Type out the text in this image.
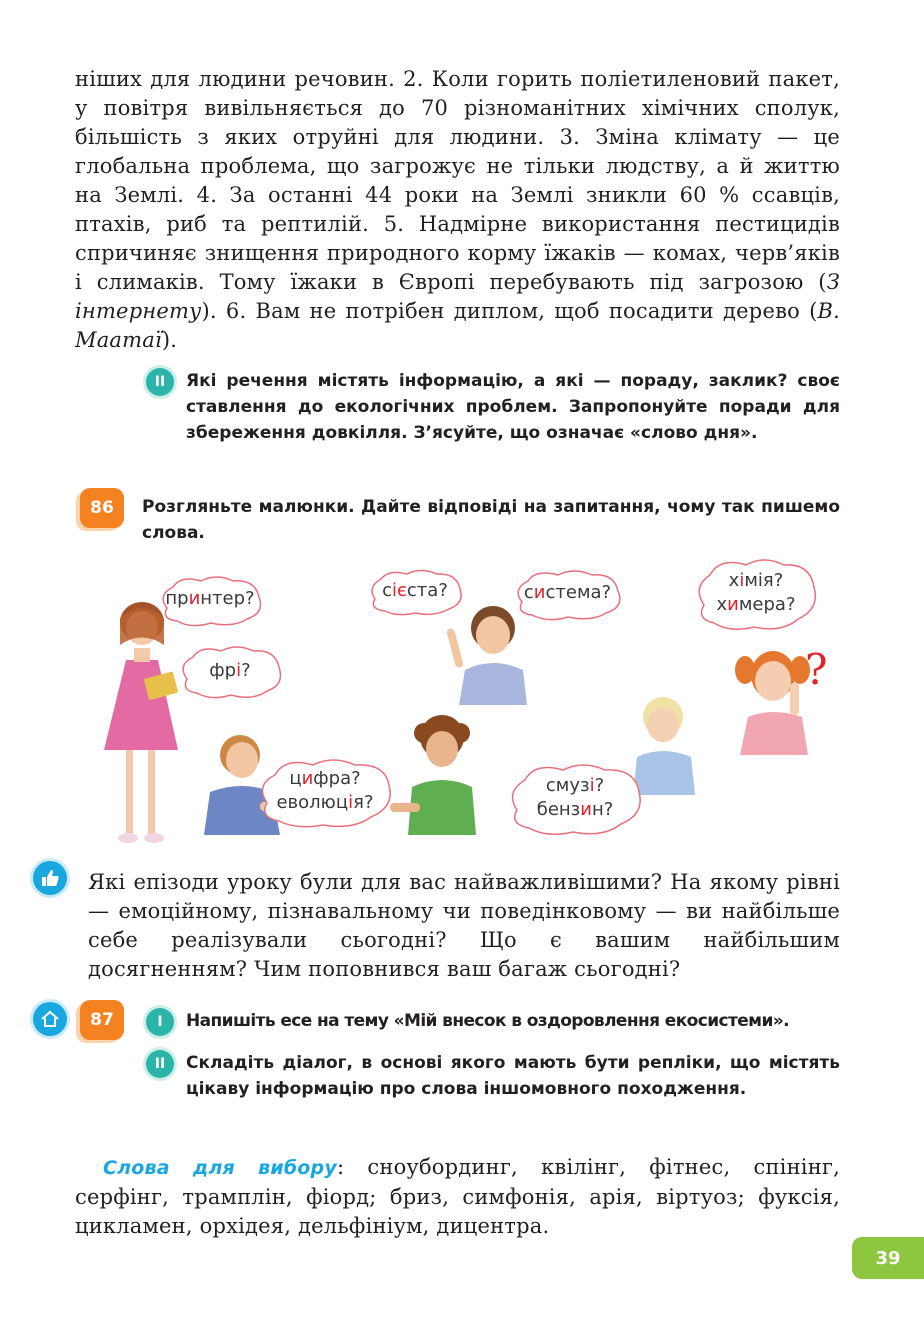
ніших для людини речовин. 2. Коли горить поліетиленовий пакет, у повітря вивільняється до 70 різноманітних хімічних сполук, більшість з яких отруйні для людини. 3. Зміна клімату — це глобальна проблема, що загрожує не тільки людству, а й життю на Землі. 4. За останні 44 роки на Землі зникли 60 % ссавців, птахів, риб та рептилій. 5. Надмірне використання пестицидів спричиняє знищення природного корму їжаків — комах, черв’яків і слимаків. Тому їжаки в Європі перебувають під загрозою (З інтернету). 6. Вам не потрібен диплом, щоб посадити дерево (В. Маатаї).

II Які речення містять інформацію, а які — пораду, заклик? своє ставлення до екологічних проблем. Запропонуйте поради для збереження довкілля. З’ясуйте, що означає «слово дня».

86 Розгляньте малюнки. Дайте відповіді на запитання, чому так пишемо слова.

?
принтер?
фрі?
сієста?	система?
хімія?
химера?
цифра?
еволюція?
смузі?
бензин?

Які епізоди уроку були для вас найважливішими? На якому рівні — емоційному, пізнавальному чи поведінковому — ви найбільше себе реалізували сьогодні? Що є вашим найбільшим досягненням? Чим поповнився ваш багаж сьогодні?

87	I Напишіть есе на тему «Мій внесок в оздоровлення екосистеми».

II Складіть діалог, в основі якого мають бути репліки, що містять цікаву інформацію про слова іншомовного походження.

Слова для вибору: сноубординг, квілінг, фітнес, спінінг, серфінг, трамплін, фіорд; бриз, симфонія, арія, віртуоз; фуксія, цикламен, орхідея, дельфініум, дицентра.

39
